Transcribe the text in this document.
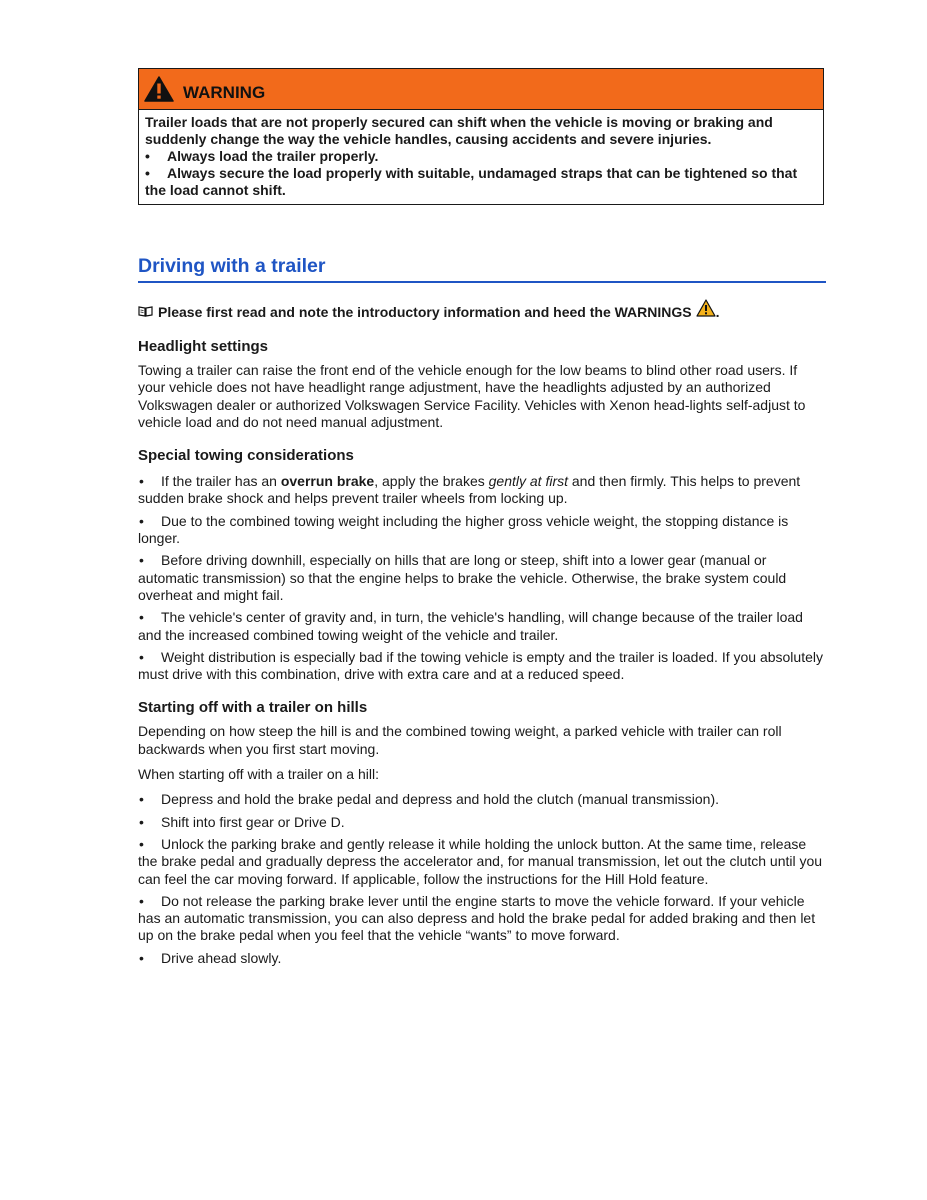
WARNING

Trailer loads that are not properly secured can shift when the vehicle is moving or braking and suddenly change the way the vehicle handles, causing accidents and severe injuries.

• Always load the trailer properly.

• Always secure the load properly with suitable, undamaged straps that can be tightened so that the load cannot shift.

Driving with a trailer
Please first read and note the introductory information and heed the WARNINGS .
Headlight settings

Towing a trailer can raise the front end of the vehicle enough for the low beams to blind other road users. If your vehicle does not have headlight range adjustment, have the headlights adjusted by an authorized Volkswagen dealer or authorized Volkswagen Service Facility. Vehicles with Xenon head-lights self-adjust to vehicle load and do not need manual adjustment.

Special towing considerations

• If the trailer has an overrun brake, apply the brakes gently at first and then firmly. This helps to prevent sudden brake shock and helps prevent trailer wheels from locking up.

• Due to the combined towing weight including the higher gross vehicle weight, the stopping distance is longer.

• Before driving downhill, especially on hills that are long or steep, shift into a lower gear (manual or automatic transmission) so that the engine helps to brake the vehicle. Otherwise, the brake system could overheat and might fail.

• The vehicle's center of gravity and, in turn, the vehicle's handling, will change because of the trailer load and the increased combined towing weight of the vehicle and trailer.

• Weight distribution is especially bad if the towing vehicle is empty and the trailer is loaded. If you absolutely must drive with this combination, drive with extra care and at a reduced speed.

Starting off with a trailer on hills

Depending on how steep the hill is and the combined towing weight, a parked vehicle with trailer can roll backwards when you first start moving.

When starting off with a trailer on a hill:

• Depress and hold the brake pedal and depress and hold the clutch (manual transmission).

• Shift into first gear or Drive D.

• Unlock the parking brake and gently release it while holding the unlock button. At the same time, release the brake pedal and gradually depress the accelerator and, for manual transmission, let out the clutch until you can feel the car moving forward. If applicable, follow the instructions for the Hill Hold feature.

• Do not release the parking brake lever until the engine starts to move the vehicle forward. If your vehicle has an automatic transmission, you can also depress and hold the brake pedal for added braking and then let up on the brake pedal when you feel that the vehicle “wants” to move forward.

• Drive ahead slowly.
